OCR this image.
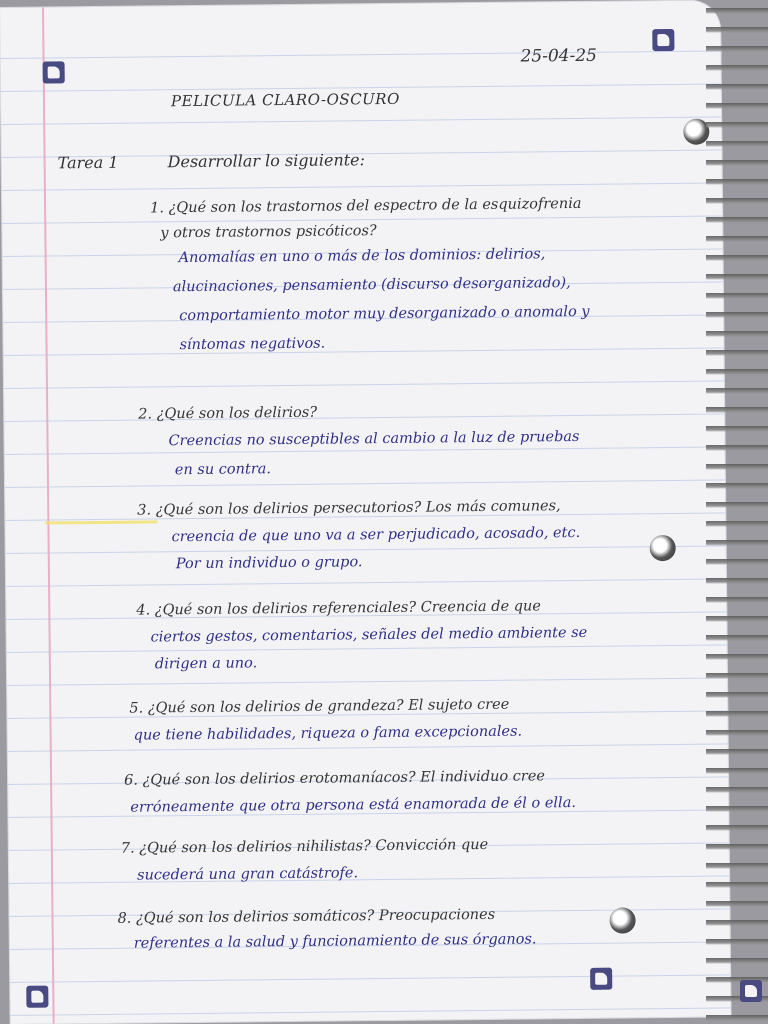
25-04-25
PELICULA CLARO-OSCURO
Tarea 1	Desarrollar lo siguiente:
1. ¿Qué son los trastornos del espectro de la esquizofrenia
y otros trastornos psicóticos?
Anomalías en uno o más de los dominios: delirios,
alucinaciones, pensamiento (discurso desorganizado),
comportamiento motor muy desorganizado o anomalo y
síntomas negativos.
2. ¿Qué son los delirios?
Creencias no susceptibles al cambio a la luz de pruebas
en su contra.
3. ¿Qué son los delirios persecutorios? Los más comunes,
creencia de que uno va a ser perjudicado, acosado, etc.
Por un individuo o grupo.
4. ¿Qué son los delirios referenciales? Creencia de que
ciertos gestos, comentarios, señales del medio ambiente se
dirigen a uno.
5. ¿Qué son los delirios de grandeza? El sujeto cree
que tiene habilidades, riqueza o fama excepcionales.
6. ¿Qué son los delirios erotomaníacos? El individuo cree
erróneamente que otra persona está enamorada de él o ella.
7. ¿Qué son los delirios nihilistas? Convicción que
sucederá una gran catástrofe.
8. ¿Qué son los delirios somáticos? Preocupaciones
referentes a la salud y funcionamiento de sus órganos.
